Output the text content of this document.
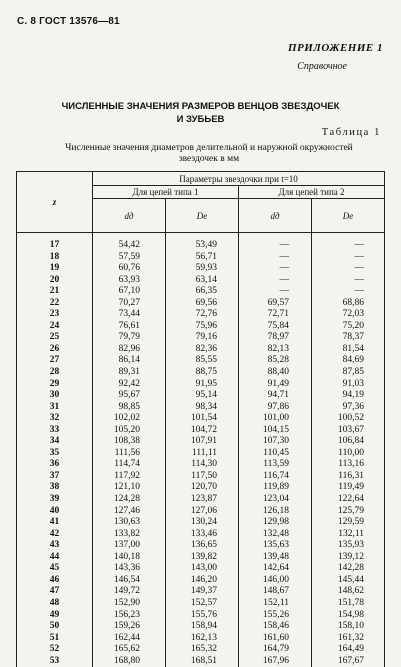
С. 8 ГОСТ 13576—81
ПРИЛОЖЕНИЕ 1
Справочное
ЧИСЛЕННЫЕ ЗНАЧЕНИЯ РАЗМЕРОВ ВЕНЦОВ ЗВЕЗДОЧЕК
И ЗУБЬЕВ
Таблица 1
Численные значения диаметров делительной и наружной окружностей
звездочек в мм
z	Параметры звездочки при t=10			
	Для цепей типа 1		Для цепей типа 2	
	dд	De	dд	De
17	54,42	53,49	—	—
18	57,59	56,71	—	—
19	60,76	59,93	—	—
20	63,93	63,14	—	—
21	67,10	66,35	—	—
22	70,27	69,56	69,57	68,86
23	73,44	72,76	72,71	72,03
24	76,61	75,96	75,84	75,20
25	79,79	79,16	78,97	78,37
26	82,96	82,36	82,13	81,54
27	86,14	85,55	85,28	84,69
28	89,31	88,75	88,40	87,85
29	92,42	91,95	91,49	91,03
30	95,67	95,14	94,71	94,19
31	98,85	98,34	97,86	97,36
32	102,02	101,54	101,00	100,52
33	105,20	104,72	104,15	103,67
34	108,38	107,91	107,30	106,84
35	111,56	111,11	110,45	110,00
36	114,74	114,30	113,59	113,16
37	117,92	117,50	116,74	116,31
38	121,10	120,70	119,89	119,49
39	124,28	123,87	123,04	122,64
40	127,46	127,06	126,18	125,79
41	130,63	130,24	129,98	129,59
42	133,82	133,46	132,48	132,11
43	137,00	136,65	135,63	135,93
44	140,18	139,82	139,48	139,12
45	143,36	143,00	142,64	142,28
46	146,54	146,20	146,00	145,44
47	149,72	149,37	148,67	148,62
48	152,90	152,57	152,11	151,78
49	156,23	155,76	155,26	154,98
50	159,26	158,94	158,46	158,10
51	162,44	162,13	161,60	161,32
52	165,62	165,32	164,79	164,49
53	168,80	168,51	167,96	167,67
